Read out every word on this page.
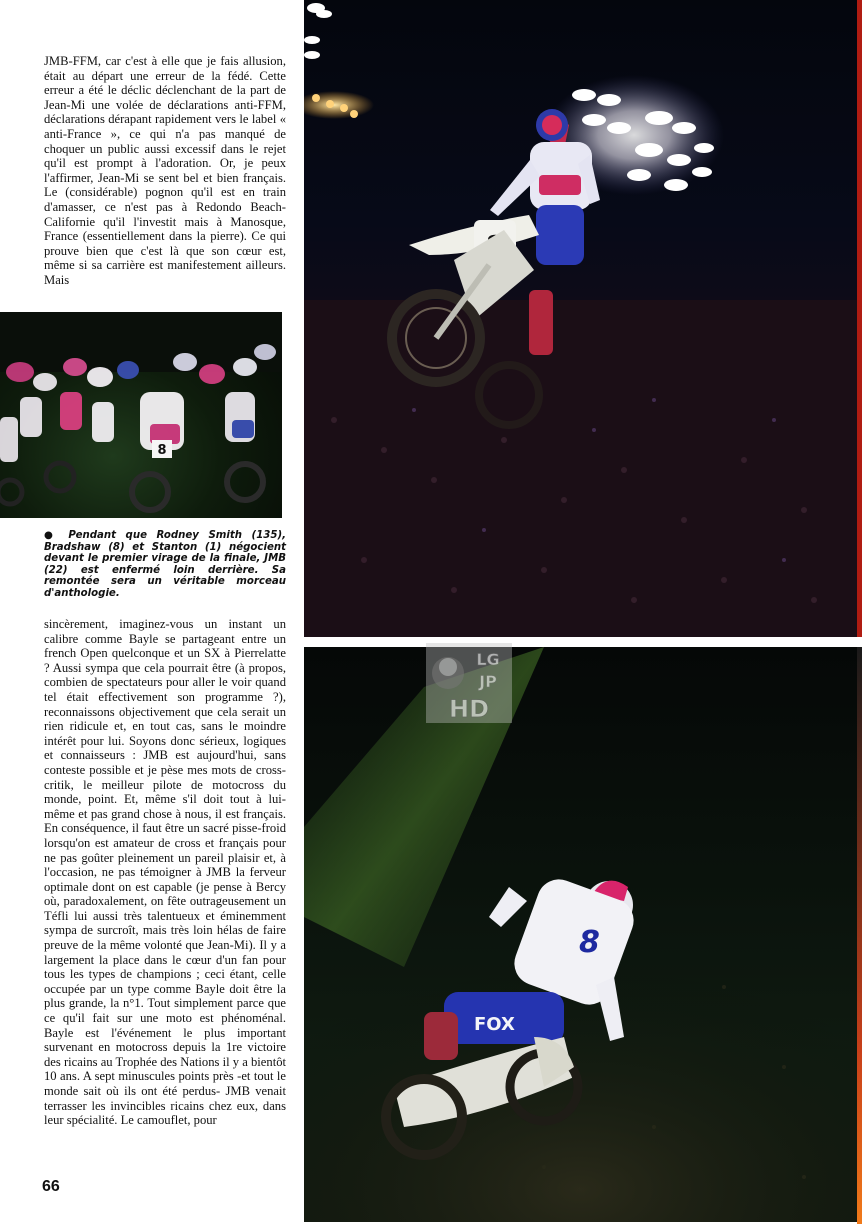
JMB-FFM, car c'est à elle que je fais allusion, était au départ une erreur de la fédé. Cette erreur a été le déclic déclenchant de la part de Jean-Mi une volée de déclarations anti-FFM, déclarations dérapant rapidement vers le label « anti-France », ce qui n'a pas manqué de choquer un public aussi excessif dans le rejet qu'il est prompt à l'adoration. Or, je peux l'affirmer, Jean-Mi se sent bel et bien français. Le (considérable) pognon qu'il est en train d'amasser, ce n'est pas à Redondo Beach-Californie qu'il l'investit mais à Manosque, France (essentiellement dans la pierre). Ce qui prouve bien que c'est là que son cœur est, même si sa carrière est manifestement ailleurs. Mais
8
● Pendant que Rodney Smith (135), Bradshaw (8) et Stanton (1) négocient devant le premier virage de la finale, JMB (22) est enfermé loin derrière. Sa remontée sera un véritable morceau d'anthologie.
sincèrement, imaginez-vous un instant un calibre comme Bayle se partageant entre un french Open quelconque et un SX à Pierrelatte ? Aussi sympa que cela pourrait être (à propos, combien de spectateurs pour aller le voir quand tel était effectivement son programme ?), reconnaissons objectivement que cela serait un rien ridicule et, en tout cas, sans le moindre intérêt pour lui. Soyons donc sérieux, logiques et connaisseurs : JMB est aujourd'hui, sans conteste possible et je pèse mes mots de cross-critik, le meilleur pilote de motocross du monde, point. Et, même s'il doit tout à lui-même et pas grand chose à nous, il est français. En conséquence, il faut être un sacré pisse-froid lorsqu'on est amateur de cross et français pour ne pas goûter pleinement un pareil plaisir et, à l'occasion, ne pas témoigner à JMB la ferveur optimale dont on est capable (je pense à Bercy où, paradoxalement, on fête outrageusement un Téfli lui aussi très talentueux et éminemment sympa de surcroît, mais très loin hélas de faire preuve de la même volonté que Jean-Mi). Il y a largement la place dans le cœur d'un fan pour tous les types de champions ; ceci étant, celle occupée par un type comme Bayle doit être la plus grande, la n°1. Tout simplement parce que ce qu'il fait sur une moto est phénoménal. Bayle est l'événement le plus important survenant en motocross depuis la 1re victoire des ricains au Trophée des Nations il y a bientôt 10 ans. A sept minuscules points près -et tout le monde sait où ils ont été perdus- JMB venait terrasser les invincibles ricains chez eux, dans leur spécialité. Le camouflet, pour
66
8
FOX
LG
JP
HD
